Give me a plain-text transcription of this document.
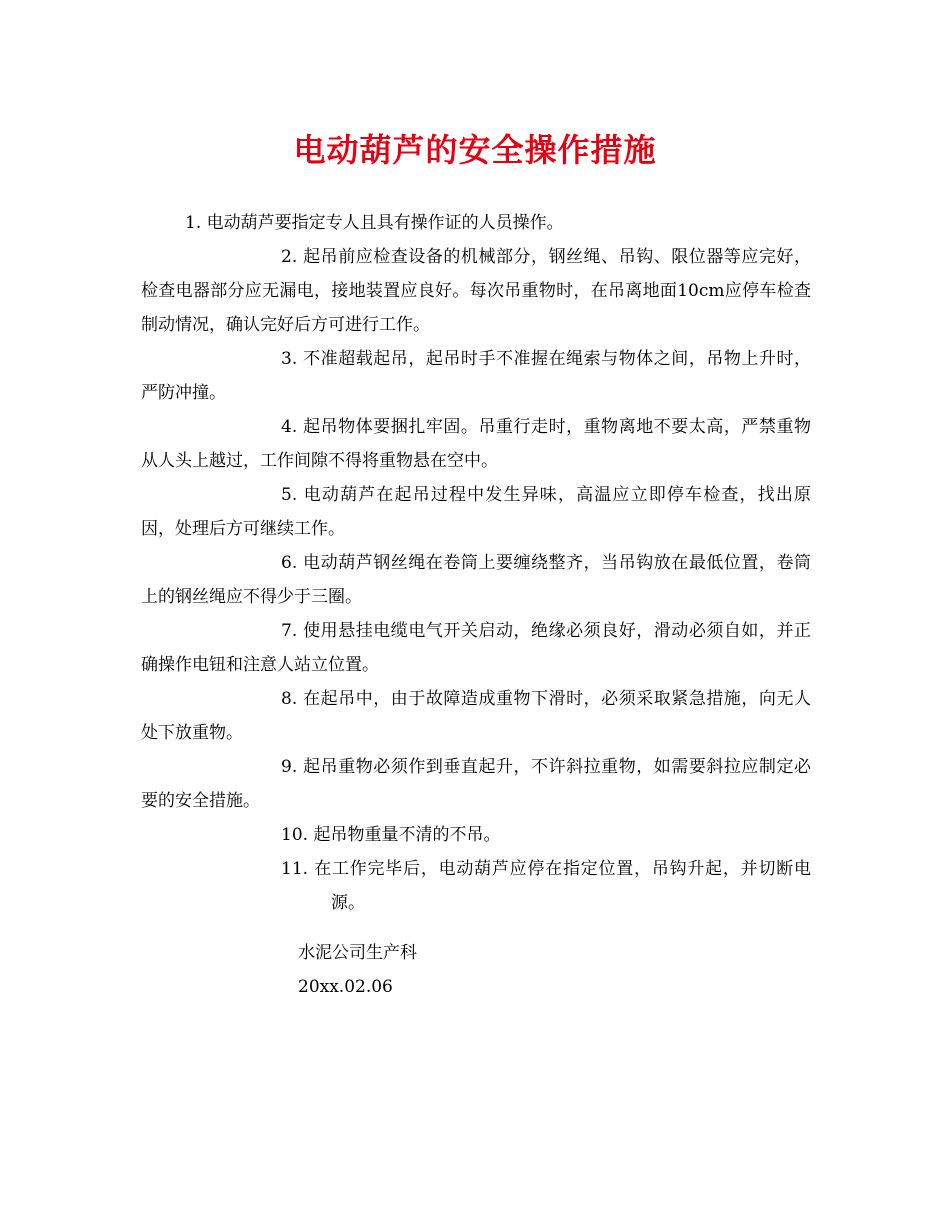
电动葫芦的安全操作措施

1. 电动葫芦要指定专人且具有操作证的人员操作。

2. 起吊前应检查设备的机械部分，钢丝绳、吊钩、限位器等应完好，检查电器部分应无漏电，接地装置应良好。每次吊重物时，在吊离地面10cm应停车检查制动情况，确认完好后方可进行工作。

3. 不准超载起吊，起吊时手不准握在绳索与物体之间，吊物上升时，严防冲撞。

4. 起吊物体要捆扎牢固。吊重行走时，重物离地不要太高，严禁重物从人头上越过，工作间隙不得将重物悬在空中。

5. 电动葫芦在起吊过程中发生异味，高温应立即停车检查，找出原因，处理后方可继续工作。

6. 电动葫芦钢丝绳在卷筒上要缠绕整齐，当吊钩放在最低位置，卷筒上的钢丝绳应不得少于三圈。

7. 使用悬挂电缆电气开关启动，绝缘必须良好，滑动必须自如，并正确操作电钮和注意人站立位置。

8. 在起吊中，由于故障造成重物下滑时，必须采取紧急措施，向无人处下放重物。

9. 起吊重物必须作到垂直起升，不许斜拉重物，如需要斜拉应制定必要的安全措施。

10. 起吊物重量不清的不吊。

11. 在工作完毕后，电动葫芦应停在指定位置，吊钩升起，并切断电源。

水泥公司生产科
20xx.02.06
